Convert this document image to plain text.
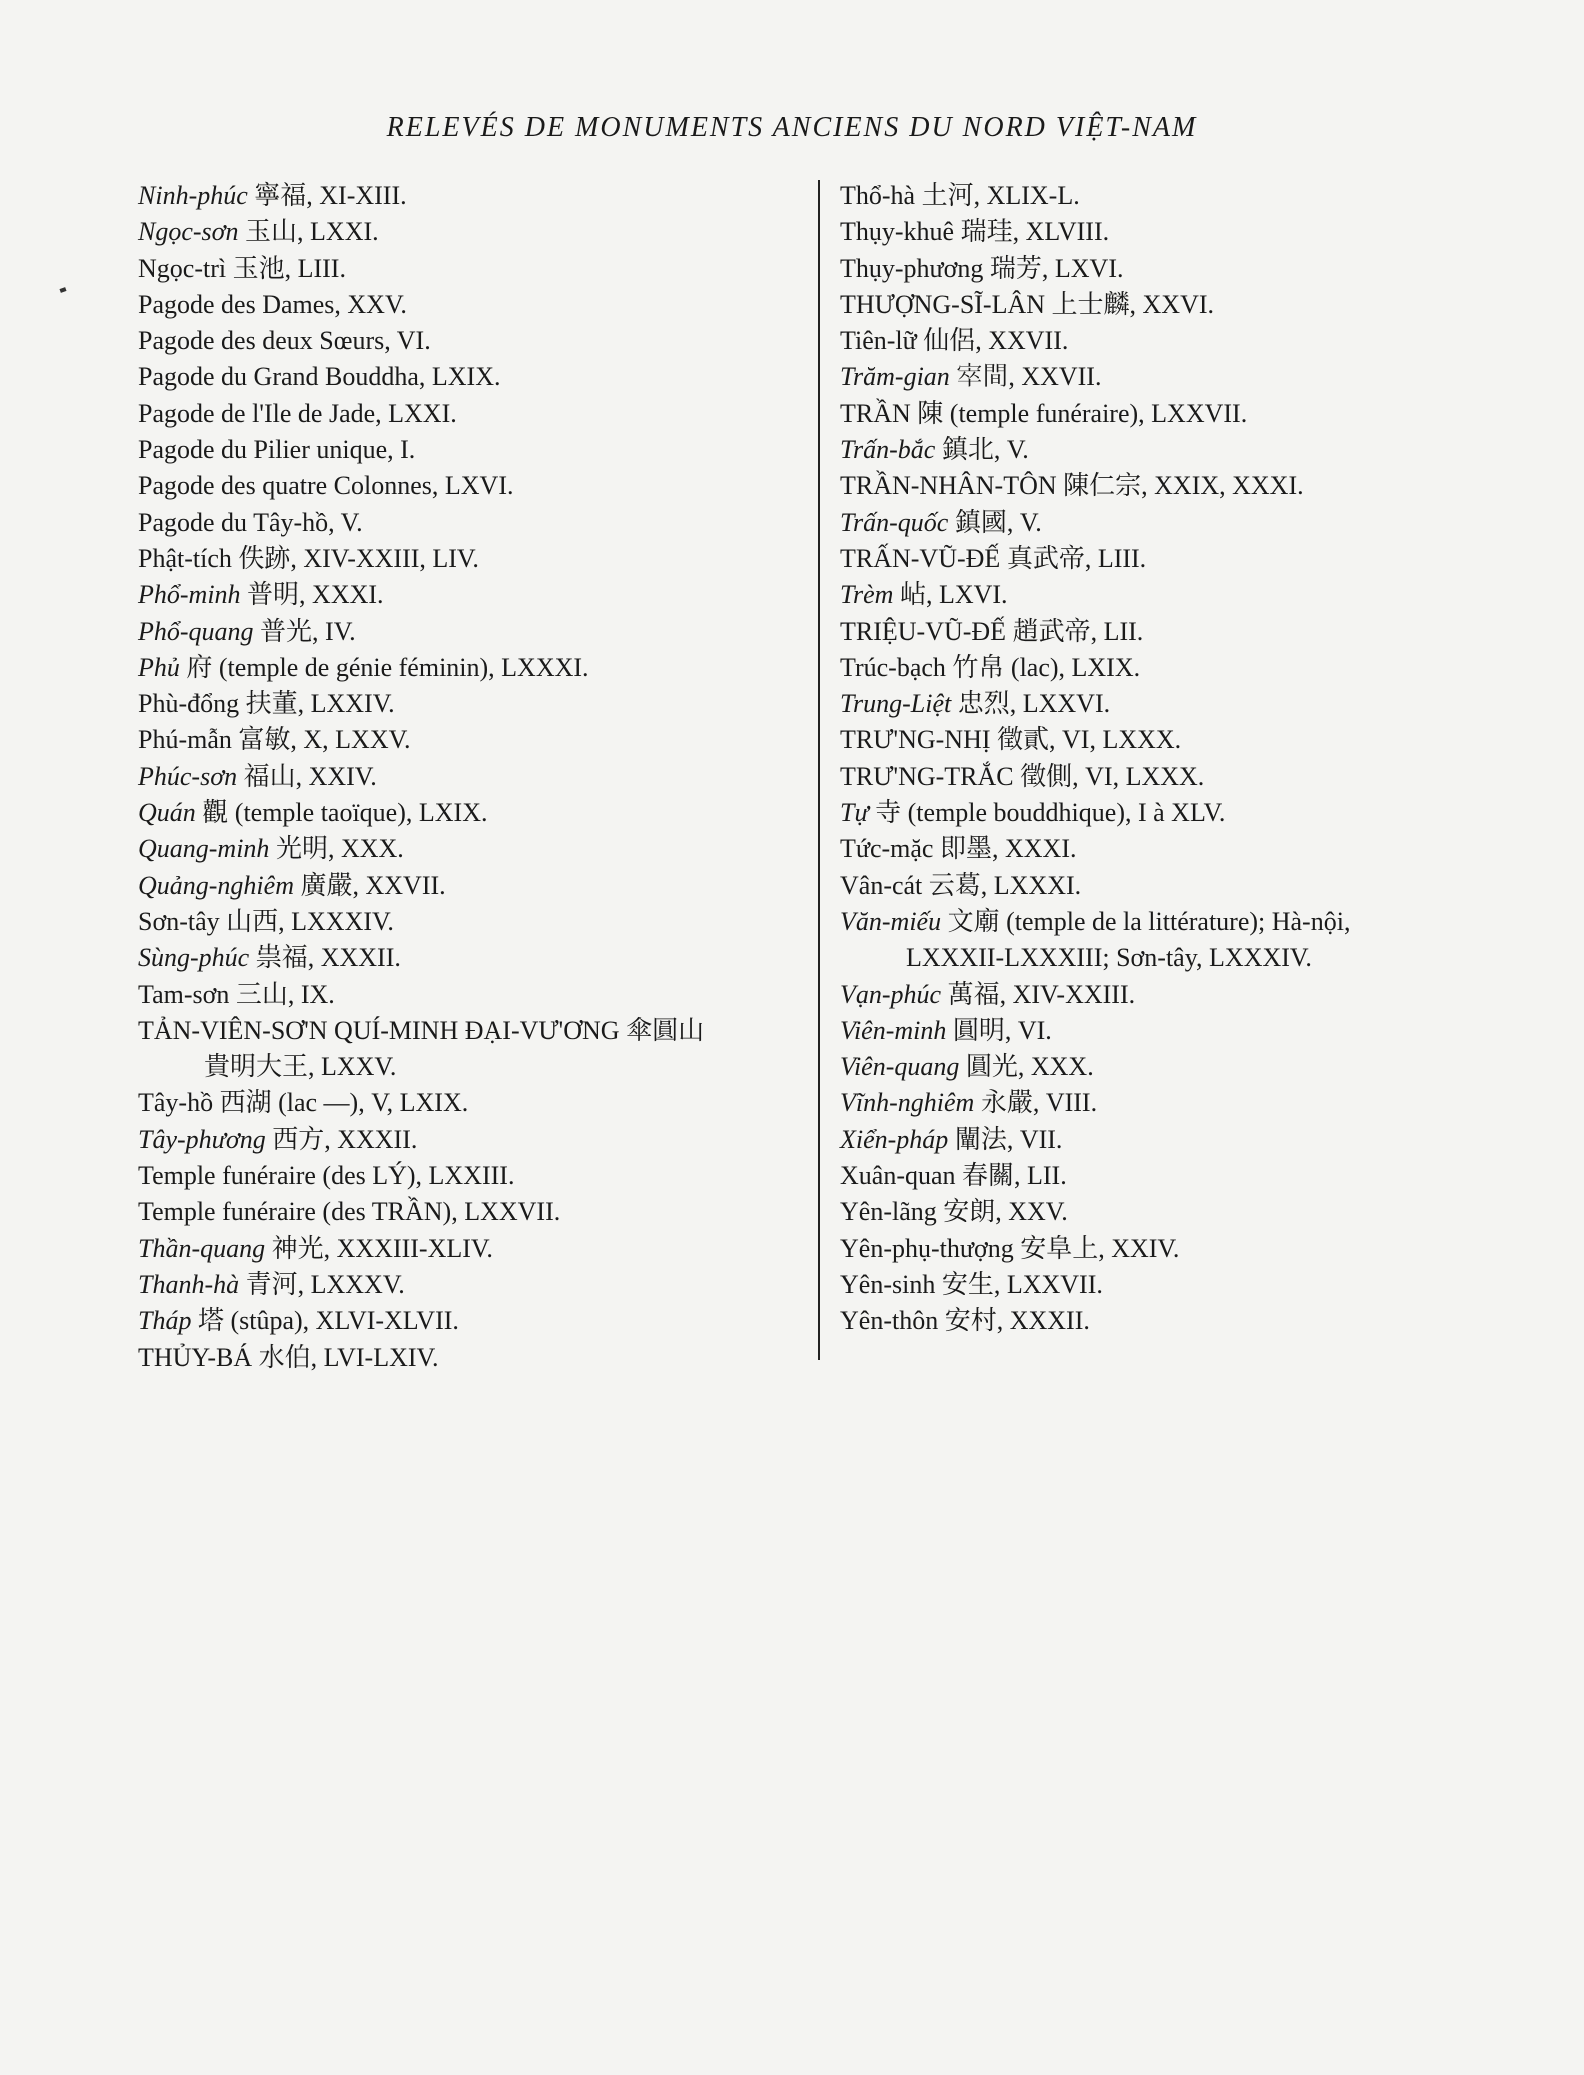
RELEVÉS DE MONUMENTS ANCIENS DU NORD VIỆT-NAM
Ninh-phúc 寧福, XI-XIII.
Ngọc-sơn 玉山, LXXI.
Ngọc-trì 玉池, LIII.
Pagode des Dames, XXV.
Pagode des deux Sœurs, VI.
Pagode du Grand Bouddha, LXIX.
Pagode de l'Ile de Jade, LXXI.
Pagode du Pilier unique, I.
Pagode des quatre Colonnes, LXVI.
Pagode du Tây-hồ, V.
Phật-tích 佚跡, XIV-XXIII, LIV.
Phổ-minh 普明, XXXI.
Phổ-quang 普光, IV.
Phủ 府 (temple de génie féminin), LXXXI.
Phù-đổng 扶董, LXXIV.
Phú-mẫn 富敏, X, LXXV.
Phúc-sơn 福山, XXIV.
Quán 觀 (temple taoïque), LXIX.
Quang-minh 光明, XXX.
Quảng-nghiêm 廣嚴, XXVII.
Sơn-tây 山西, LXXXIV.
Sùng-phúc 祟福, XXXII.
Tam-sơn 三山, IX.
TẢN-VIÊN-SƠ'N QUÍ-MINH ĐẠI-VƯ'ƠNG 傘圓山
貴明大王, LXXV.
Tây-hồ 西湖 (lac —), V, LXIX.
Tây-phương 西方, XXXII.
Temple funéraire (des LÝ), LXXIII.
Temple funéraire (des TRẦN), LXXVII.
Thần-quang 神光, XXXIII-XLIV.
Thanh-hà 青河, LXXXV.
Tháp 塔 (stûpa), XLVI-XLVII.
THỦY-BÁ 水伯, LVI-LXIV.
Thổ-hà 土河, XLIX-L.
Thụy-khuê 瑞珪, XLVIII.
Thụy-phương 瑞芳, LXVI.
THƯỢNG-SĨ-LÂN 上士麟, XXVI.
Tiên-lữ 仙侶, XXVII.
Trăm-gian 𡨧間, XXVII.
TRẦN 陳 (temple funéraire), LXXVII.
Trấn-bắc 鎮北, V.
TRẦN-NHÂN-TÔN 陳仁宗, XXIX, XXXI.
Trấn-quốc 鎮國, V.
TRẤN-VŨ-ĐẾ 真武帝, LIII.
Trèm 岾, LXVI.
TRIỆU-VŨ-ĐẾ 趙武帝, LII.
Trúc-bạch 竹帛 (lac), LXIX.
Trung-Liệt 忠烈, LXXVI.
TRƯ'NG-NHỊ 徵貳, VI, LXXX.
TRƯ'NG-TRẮC 徵側, VI, LXXX.
Tự 寺 (temple bouddhique), I à XLV.
Tức-mặc 即墨, XXXI.
Vân-cát 云葛, LXXXI.
Văn-miếu 文廟 (temple de la littérature); Hà-nội,
LXXXII-LXXXIII; Sơn-tây, LXXXIV.
Vạn-phúc 萬福, XIV-XXIII.
Viên-minh 圓明, VI.
Viên-quang 圓光, XXX.
Vĩnh-nghiêm 永嚴, VIII.
Xiển-pháp 闡法, VII.
Xuân-quan 春關, LII.
Yên-lãng 安朗, XXV.
Yên-phụ-thượng 安阜上, XXIV.
Yên-sinh 安生, LXXVII.
Yên-thôn 安村, XXXII.
